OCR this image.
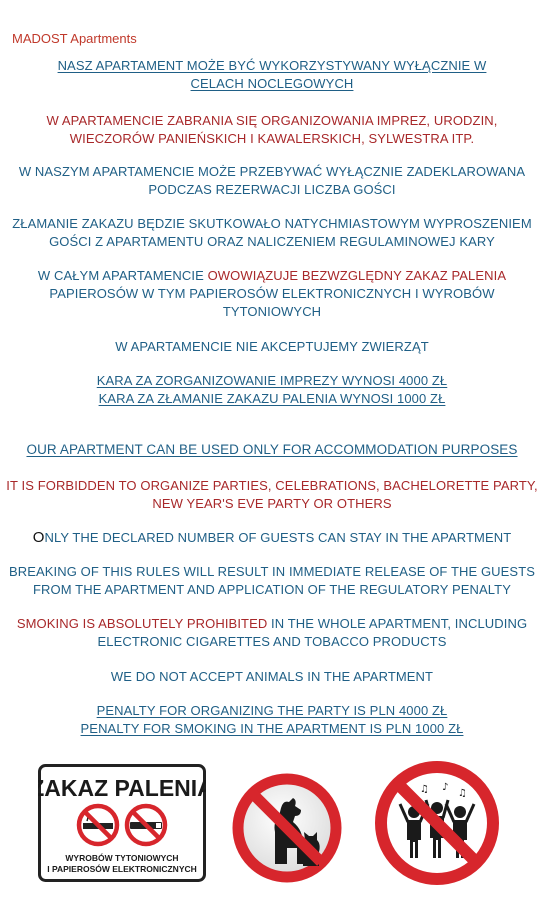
MADOST Apartments
NASZ APARTAMENT MOŻE BYĆ WYKORZYSTYWANY WYŁĄCZNIE W
CELACH NOCLEGOWYCH
W APARTAMENCIE ZABRANIA SIĘ ORGANIZOWANIA IMPREZ, URODZIN,
WIECZORÓW PANIEŃSKICH I KAWALERSKICH, SYLWESTRA ITP.
W NASZYM APARTAMENCIE MOŻE PRZEBYWAĆ WYŁĄCZNIE ZADEKLAROWANA
PODCZAS REZERWACJI LICZBA GOŚCI
ZŁAMANIE ZAKAZU BĘDZIE SKUTKOWAŁO NATYCHMIASTOWYM WYPROSZENIEM
GOŚCI Z APARTAMENTU ORAZ NALICZENIEM REGULAMINOWEJ KARY
W CAŁYM APARTAMENCIE OWOWIĄZUJE BEZWZGLĘDNY ZAKAZ PALENIA
PAPIEROSÓW W TYM PAPIEROSÓW ELEKTRONICZNYCH I WYROBÓW
TYTONIOWYCH
W APARTAMENCIE NIE AKCEPTUJEMY ZWIERZĄT
KARA ZA ZORGANIZOWANIE IMPREZY WYNOSI 4000 ZŁ
KARA ZA ZŁAMANIE ZAKAZU PALENIA WYNOSI 1000 ZŁ
OUR APARTMENT CAN BE USED ONLY FOR ACCOMMODATION PURPOSES
IT IS FORBIDDEN TO ORGANIZE PARTIES, CELEBRATIONS, BACHELORETTE PARTY,
NEW YEAR'S EVE PARTY OR OTHERS
ONLY THE DECLARED NUMBER OF GUESTS CAN STAY IN THE APARTMENT
BREAKING OF THIS RULES WILL RESULT IN IMMEDIATE RELEASE OF THE GUESTS
FROM THE APARTMENT AND APPLICATION OF THE REGULATORY PENALTY
SMOKING IS ABSOLUTELY PROHIBITED IN THE WHOLE APARTMENT, INCLUDING
ELECTRONIC CIGARETTES AND TOBACCO PRODUCTS
WE DO NOT ACCEPT ANIMALS IN THE APARTMENT
PENALTY FOR ORGANIZING THE PARTY IS PLN 4000 ZŁ
PENALTY FOR SMOKING IN THE APARTMENT IS PLN 1000 ZŁ
ZAKAZ PALENIA
WYROBÓW TYTONIOWYCH
I PAPIEROSÓW ELEKTRONICZNYCH
♫ ♪
♫
